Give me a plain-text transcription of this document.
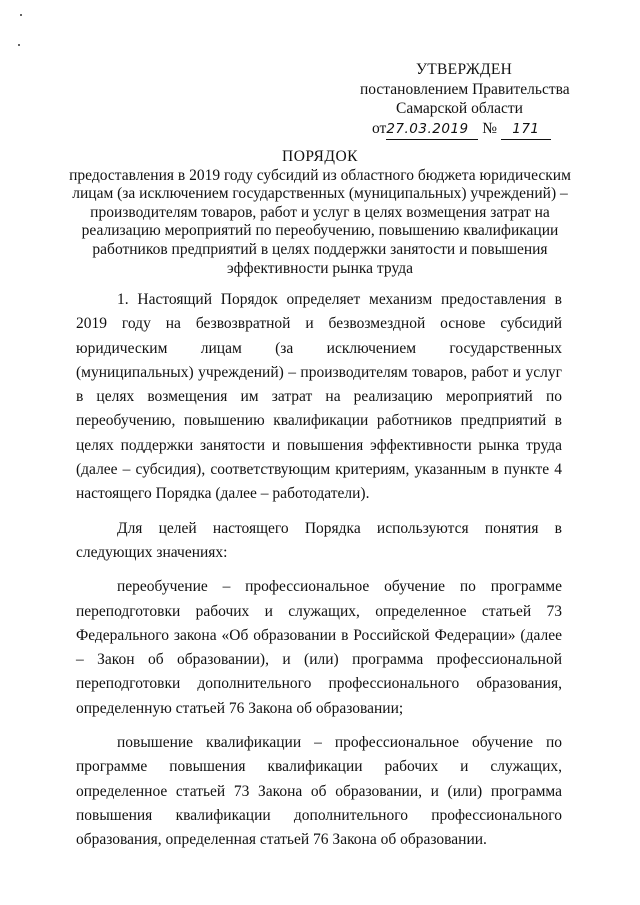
УТВЕРЖДЕН
постановлением Правительства
Самарской области
от27.03.2019 № 171
ПОРЯДОК
предоставления в 2019 году субсидий из областного бюджета юридическим лицам (за исключением государственных (муниципальных) учреждений) – производителям товаров, работ и услуг в целях возмещения затрат на реализацию мероприятий по переобучению, повышению квалификации работников предприятий в целях поддержки занятости и повышения эффективности рынка труда

1. Настоящий Порядок определяет механизм предоставления в 2019 году на безвозвратной и безвозмездной основе субсидий юридическим лицам (за исключением государственных (муниципальных) учреждений) – производителям товаров, работ и услуг в целях возмещения им затрат на реализацию мероприятий по переобучению, повышению квалификации работников предприятий в целях поддержки занятости и повышения эффективности рынка труда (далее – субсидия), соответствующим критериям, указанным в пункте 4 настоящего Порядка (далее – работодатели).

Для целей настоящего Порядка используются понятия в следующих значениях:

переобучение – профессиональное обучение по программе переподготовки рабочих и служащих, определенное статьей 73 Федерального закона «Об образовании в Российской Федерации» (далее – Закон об образовании), и (или) программа профессиональной переподготовки дополнительного профессионального образования, определенную статьей 76 Закона об образовании;

повышение квалификации – профессиональное обучение по программе повышения квалификации рабочих и служащих, определенное статьей 73 Закона об образовании, и (или) программа повышения квалификации дополнительного профессионального образования, определенная статьей 76 Закона об образовании.
